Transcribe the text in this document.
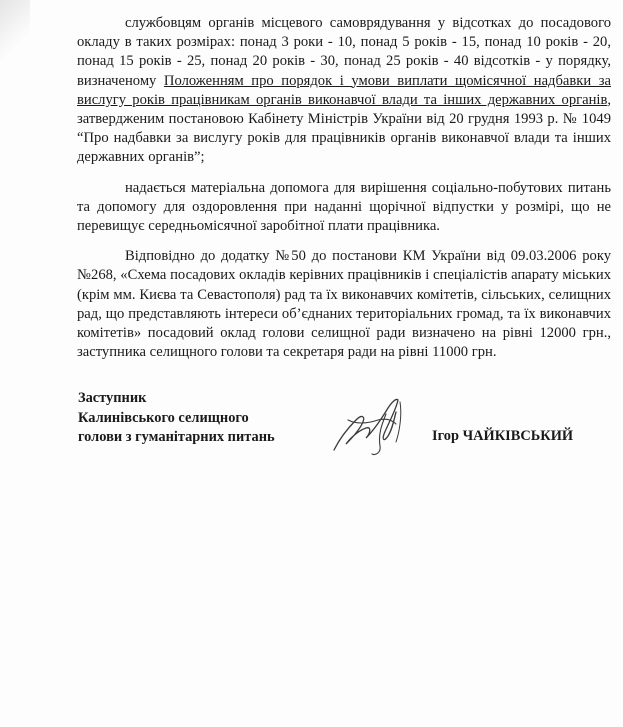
службовцям органів місцевого самоврядування у відсотках до посадового окладу в таких розмірах: понад 3 роки - 10, понад 5 років - 15, понад 10 років - 20, понад 15 років - 25, понад 20 років - 30, понад 25 років - 40 відсотків - у порядку, визначеному Положенням про порядок і умови виплати щомісячної надбавки за вислугу років працівникам органів виконавчої влади та інших державних органів, затвердженим постановою Кабінету Міністрів України від 20 грудня 1993 р. № 1049 “Про надбавки за вислугу років для працівників органів виконавчої влади та інших державних органів”;

надається матеріальна допомога для вирішення соціально-побутових питань та допомогу для оздоровлення при наданні щорічної відпустки у розмірі, що не перевищує середньомісячної заробітної плати працівника.

Відповідно до додатку №50 до постанови КМ України від 09.03.2006 року №268, «Схема посадових окладів керівних працівників і спеціалістів апарату міських (крім мм. Києва та Севастополя) рад та їх виконавчих комітетів, сільських, селищних рад, що представляють інтереси об’єднаних територіальних громад, та їх виконавчих комітетів» посадовий оклад голови селищної ради визначено на рівні 12000 грн., заступника селищного голови та секретаря ради на рівні 11000 грн.

Заступник
Калинівського селищного
голови з гуманітарних питань	Ігор ЧАЙКІВСЬКИЙ
